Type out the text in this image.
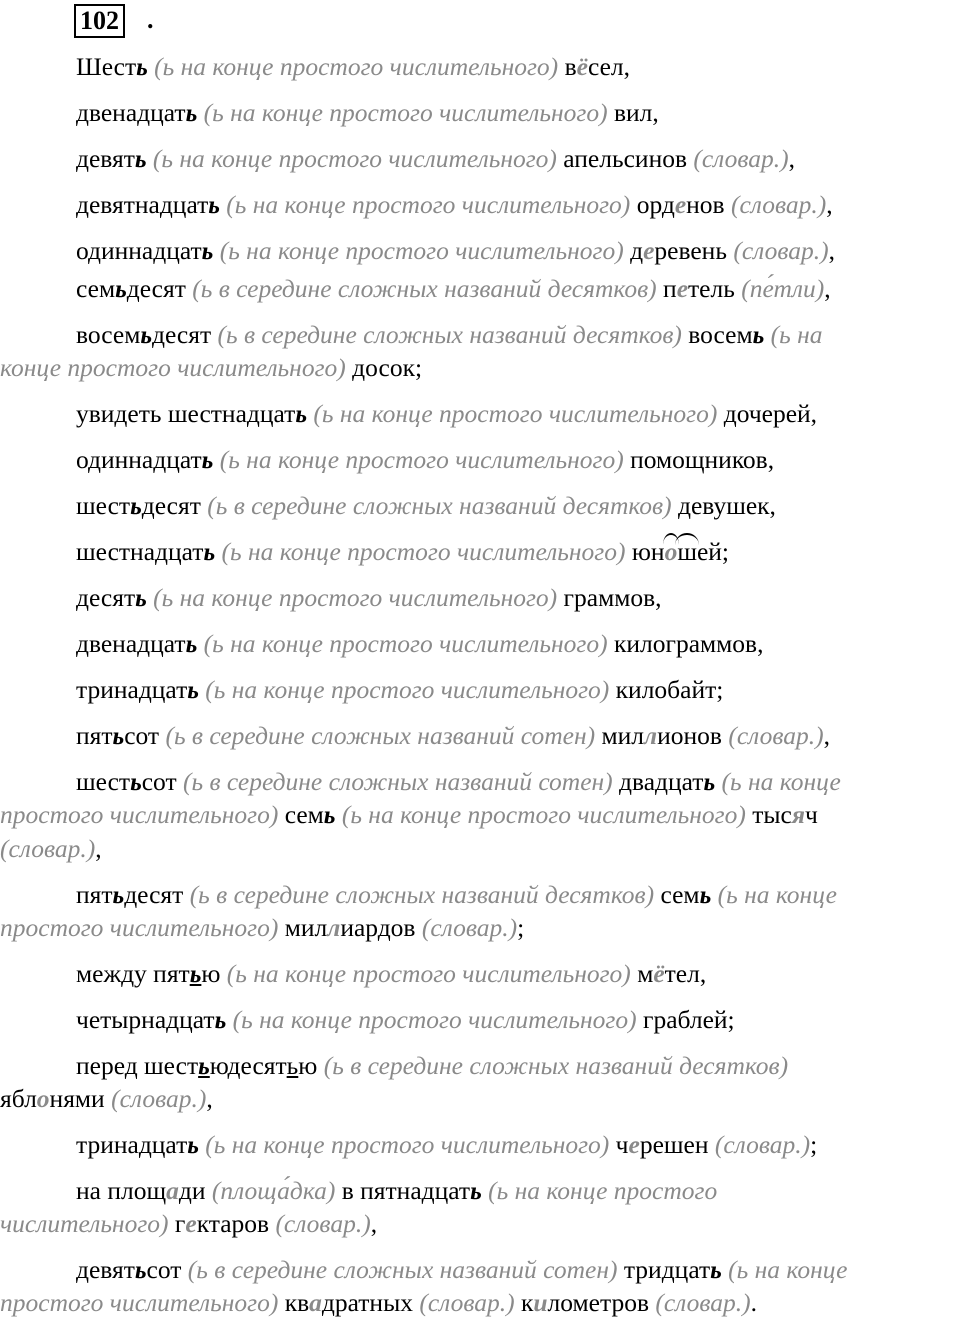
102 .
Шесть (ь на конце простого числительного) вёсел,
двенадцать (ь на конце простого числительного) вил,
девять (ь на конце простого числительного) апельсинов (словар.),
девятнадцать (ь на конце простого числительного) орденов (словар.),
одиннадцать (ь на конце простого числительного) деревень (словар.),
семьдесят (ь в середине сложных названий десятков) петель (пе́тли),
восемьдесят (ь в середине сложных названий десятков) восемь (ь на
конце простого числительного) досок;
увидеть шестнадцать (ь на конце простого числительного) дочерей,
одиннадцать (ь на конце простого числительного) помощников,
шестьдесят (ь в середине сложных названий десятков) девушек,
шестнадцать (ь на конце простого числительного) юношей;
десять (ь на конце простого числительного) граммов,
двенадцать (ь на конце простого числительного) килограммов,
тринадцать (ь на конце простого числительного) килобайт;
пятьсот (ь в середине сложных названий сотен) миллионов (словар.),
шестьсот (ь в середине сложных названий сотен) двадцать (ь на конце
простого числительного) семь (ь на конце простого числительного) тысяч
(словар.),
пятьдесят (ь в середине сложных названий десятков) семь (ь на конце
простого числительного) миллиардов (словар.);
между пятью (ь на конце простого числительного) мётел,
четырнадцать (ь на конце простого числительного) граблей;
перед шестьюдесятью (ь в середине сложных названий десятков)
яблонями (словар.),
тринадцать (ь на конце простого числительного) черешен (словар.);
на площади (площа́дка) в пятнадцать (ь на конце простого
числительного) гектаров (словар.),
девятьсот (ь в середине сложных названий сотен) тридцать (ь на конце
простого числительного) квадратных (словар.) километров (словар.).
